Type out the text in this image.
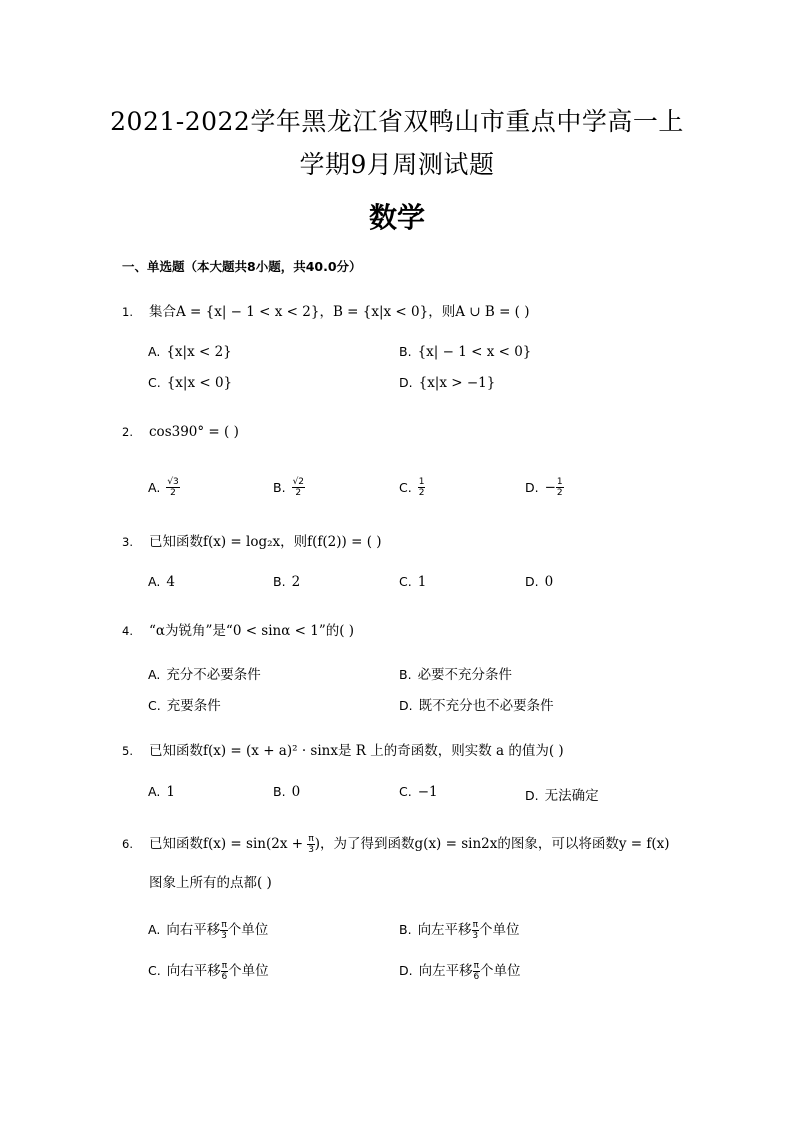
2021-2022学年黑龙江省双鸭山市重点中学高一上
学期9月周测试题
数学
一、单选题（本大题共8小题，共40.0分）
1. 集合A = {x| − 1 < x < 2}，B = {x|x < 0}，则A ∪ B = ( )
A. {x|x < 2}	B. {x| − 1 < x < 0}
C. {x|x < 0}	D. {x|x > −1}
2. cos390° = ( )
A. $\frac{√3}{2}$	B. $\frac{√2}{2}$	C. $\frac{1}{2}$	D. − $\frac{1}{2}$
3. 已知函数f(x) = log₂x，则f(f(2)) = ( )
A. 4	B. 2	C. 1	D. 0
4. “α为锐角”是“0 < sinα < 1”的( )
A. 充分不必要条件	B. 必要不充分条件
C. 充要条件	D. 既不充分也不必要条件
5. 已知函数f(x) = (x + a)² · sinx是 R 上的奇函数，则实数 a 的值为( )
A. 1	B. 0	C. −1	D. 无法确定
6. 已知函数$f(x) = \sin(2x + \frac{\pi}{3}$ )，为了得到函数g(x) = sin2x的图象，可以将函数y = f(x)
图象上所有的点都( )
A. 向右平移 $\frac{\pi}{3}$ 个单位	B. 向左平移 $\frac{\pi}{3}$ 个单位
C. 向右平移 $\frac{\pi}{6}$ 个单位	D. 向左平移 $\frac{\pi}{6}$ 个单位
